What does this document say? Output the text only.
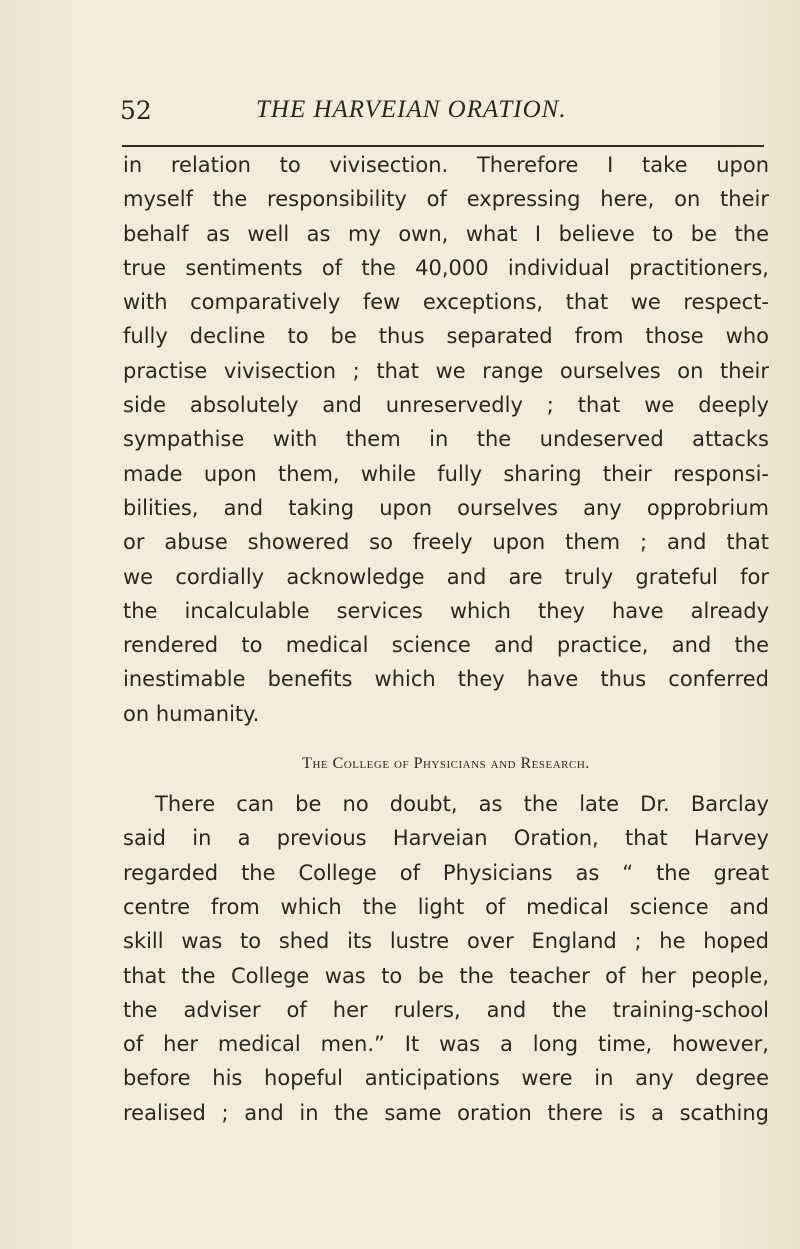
52	THE HARVEIAN ORATION.

in relation to vivisection. Therefore I take upon
myself the responsibility of expressing here, on their
behalf as well as my own, what I believe to be the
true sentiments of the 40,000 individual practitioners,
with comparatively few exceptions, that we respect-
fully decline to be thus separated from those who
practise vivisection ; that we range ourselves on their
side absolutely and unreservedly ; that we deeply
sympathise with them in the undeserved attacks
made upon them, while fully sharing their responsi-
bilities, and taking upon ourselves any opprobrium
or abuse showered so freely upon them ; and that
we cordially acknowledge and are truly grateful for
the incalculable services which they have already
rendered to medical science and practice, and the
inestimable benefits which they have thus conferred
on humanity.

The College of Physicians and Research.

There can be no doubt, as the late Dr. Barclay
said in a previous Harveian Oration, that Harvey
regarded the College of Physicians as “ the great
centre from which the light of medical science and
skill was to shed its lustre over England ; he hoped
that the College was to be the teacher of her people,
the adviser of her rulers, and the training-school
of her medical men.” It was a long time, however,
before his hopeful anticipations were in any degree
realised ; and in the same oration there is a scathing
